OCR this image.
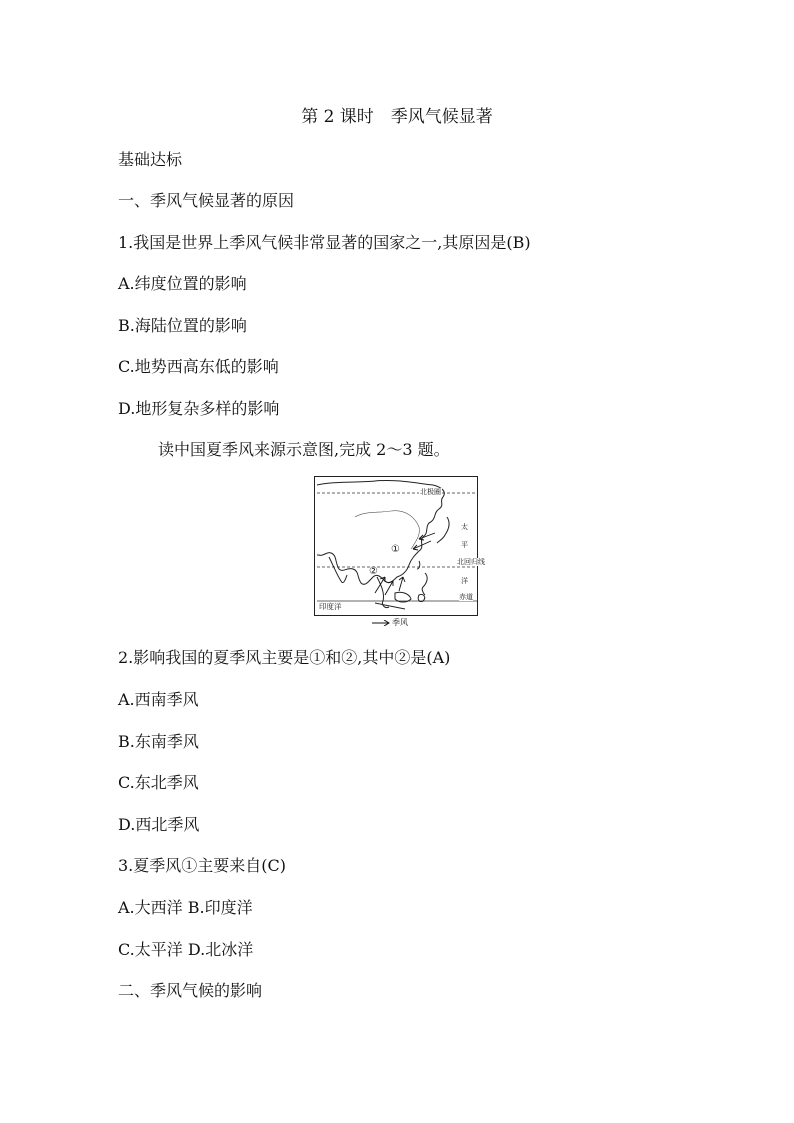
第 2 课时　季风气候显著
基础达标
一、季风气候显著的原因
1.我国是世界上季风气候非常显著的国家之一,其原因是(B)
A.纬度位置的影响
B.海陆位置的影响
C.地势西高东低的影响
D.地形复杂多样的影响
读中国夏季风来源示意图,完成 2～3 题。
北极圈
太
平
北回归线
洋
赤道
印度洋
①
②
季风
2.影响我国的夏季风主要是①和②,其中②是(A)
A.西南季风
B.东南季风
C.东北季风
D.西北季风
3.夏季风①主要来自(C)
A.大西洋 B.印度洋
C.太平洋 D.北冰洋
二、季风气候的影响
